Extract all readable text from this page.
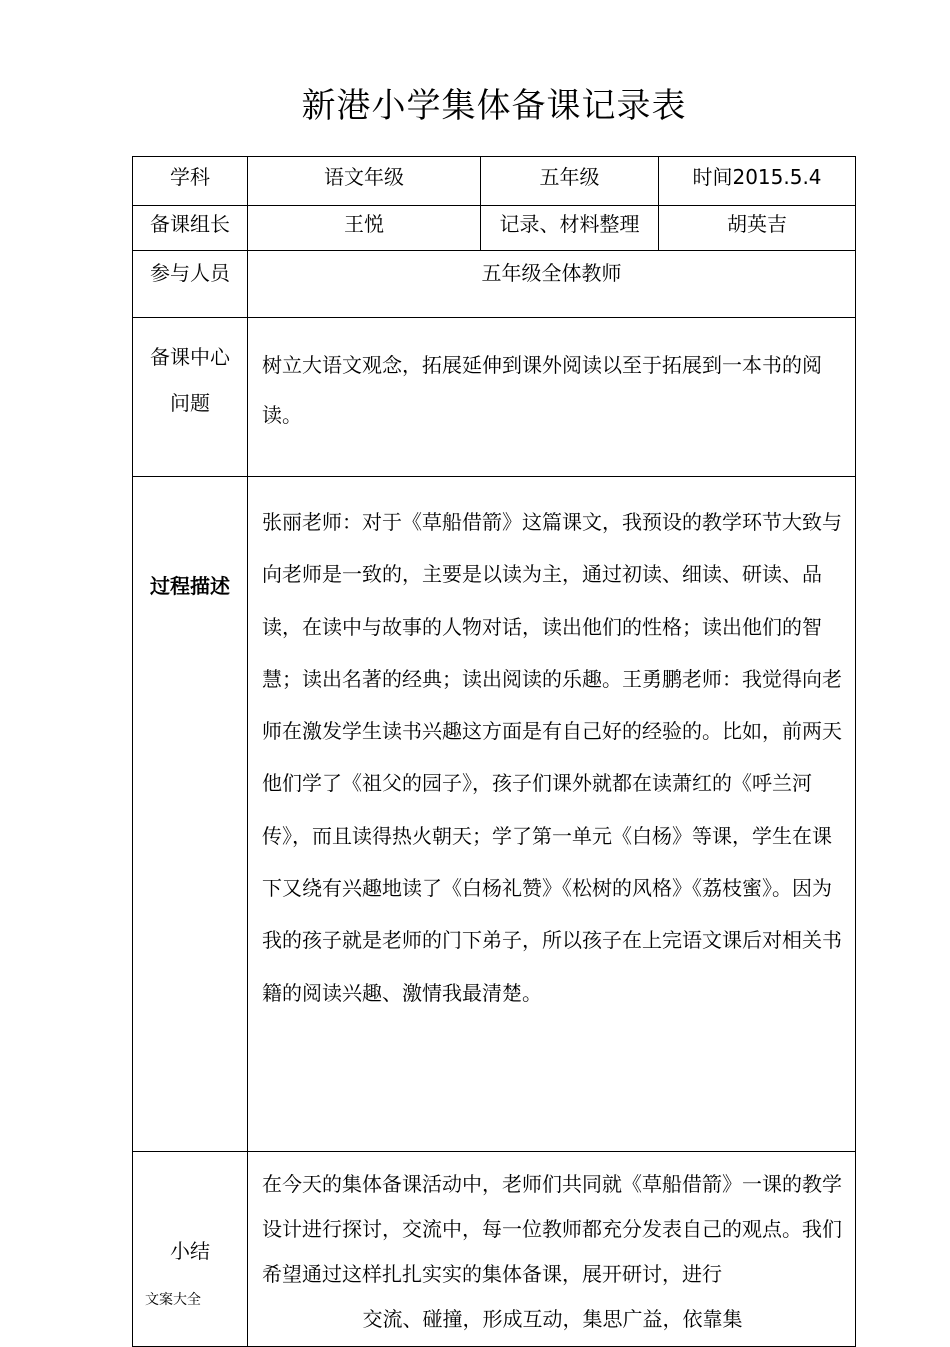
新港小学集体备课记录表
学科	语文年级	五年级	时间2015.5.4

备课组长	王悦	记录、材料整理	胡英吉

参与人员	五年级全体教师		

备课中心
问题	树立大语文观念，拓展延伸到课外阅读以至于拓展到一本书的阅读。		

过程描述	张丽老师：对于《草船借箭》这篇课文，我预设的教学环节大致与向老师是一致的，主要是以读为主，通过初读、细读、研读、品读，在读中与故事的人物对话，读出他们的性格；读出他们的智慧；读出名著的经典；读出阅读的乐趣。王勇鹏老师：我觉得向老师在激发学生读书兴趣这方面是有自己好的经验的。比如，前两天他们学了《祖父的园子》，孩子们课外就都在读萧红的《呼兰河传》，而且读得热火朝天；学了第一单元《白杨》等课，学生在课下又绕有兴趣地读了《白杨礼赞》《松树的风格》《荔枝蜜》。因为我的孩子就是老师的门下弟子，所以孩子在上完语文课后对相关书籍的阅读兴趣、激情我最清楚。		

小结	在今天的集体备课活动中，老师们共同就《草船借箭》一课的教学设计进行探讨，交流中，每一位教师都充分发表自己的观点。我们希望通过这样扎扎实实的集体备课，展开研讨，进行
交流、碰撞，形成互动，集思广益，依靠集		
文案大全
